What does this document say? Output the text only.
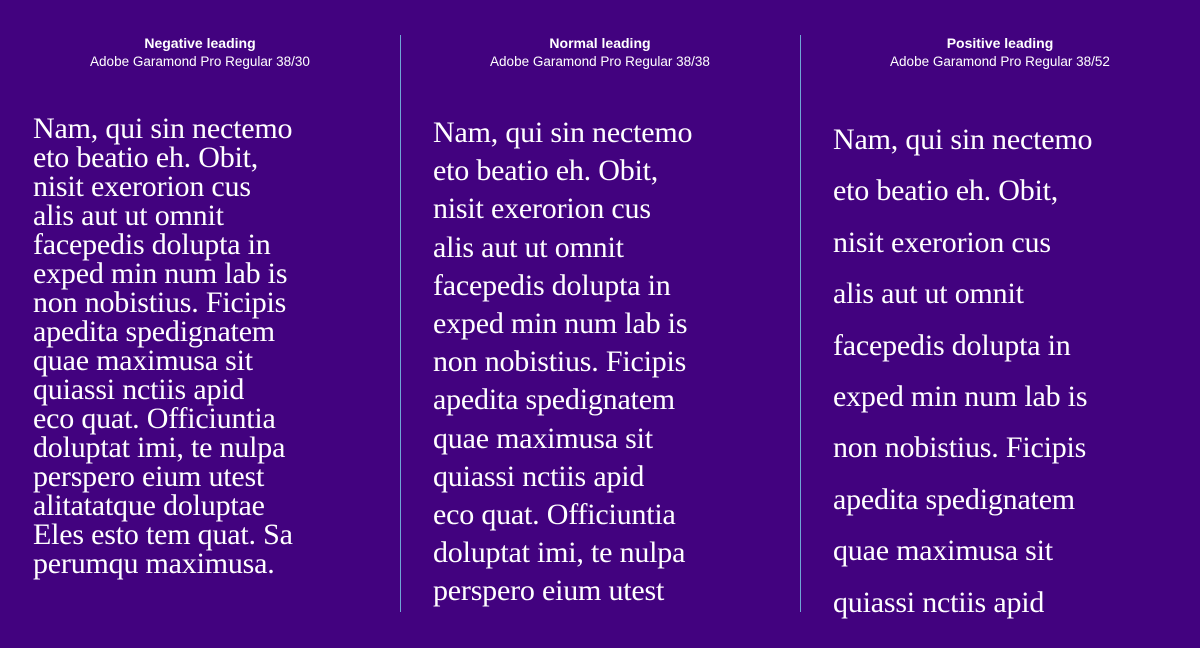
Negative leading
Adobe Garamond Pro Regular 38/30
Nam, qui sin nectemo
eto beatio eh. Obit,
nisit exerorion cus
alis aut ut omnit
facepedis dolupta in
exped min num lab is
non nobistius. Ficipis
apedita spedignatem
quae maximusa sit
quiassi nctiis apid
eco quat. Officiuntia
doluptat imi, te nulpa
perspero eium utest
alitatatque doluptae
Eles esto tem quat. Sa
perumqu maximusa.
Normal leading
Adobe Garamond Pro Regular 38/38
Nam, qui sin nectemo
eto beatio eh. Obit,
nisit exerorion cus
alis aut ut omnit
facepedis dolupta in
exped min num lab is
non nobistius. Ficipis
apedita spedignatem
quae maximusa sit
quiassi nctiis apid
eco quat. Officiuntia
doluptat imi, te nulpa
perspero eium utest
Positive leading
Adobe Garamond Pro Regular 38/52
Nam, qui sin nectemo
eto beatio eh. Obit,
nisit exerorion cus
alis aut ut omnit
facepedis dolupta in
exped min num lab is
non nobistius. Ficipis
apedita spedignatem
quae maximusa sit
quiassi nctiis apid
